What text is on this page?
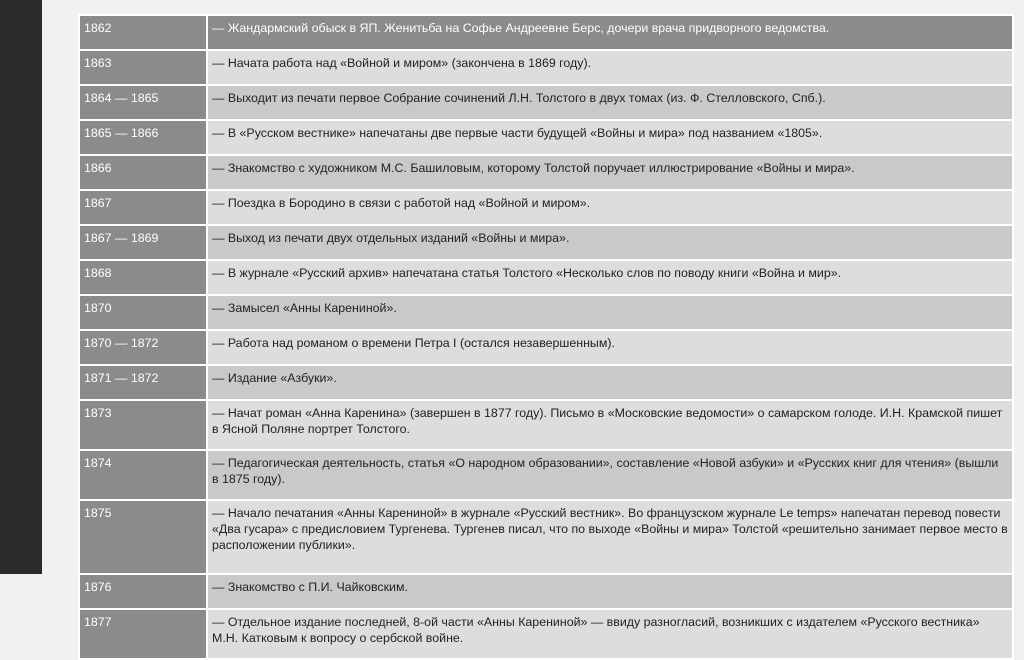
1862	— Жандармский обыск в ЯП. Женитьба на Софье Андреевне Берс, дочери врача придворного ведомства.
1863	— Начата работа над «Войной и миром» (закончена в 1869 году).
1864 — 1865	— Выходит из печати первое Собрание сочинений Л.Н. Толстого в двух томах (из. Ф. Стелловского, Спб.).
1865 — 1866	— В «Русском вестнике» напечатаны две первые части будущей «Войны и мира» под названием «1805».
1866	— Знакомство с художником М.С. Башиловым, которому Толстой поручает иллюстрирование «Войны и мира».
1867	— Поездка в Бородино в связи с работой над «Войной и миром».
1867 — 1869	— Выход из печати двух отдельных изданий «Войны и мира».
1868	— В журнале «Русский архив» напечатана статья Толстого «Несколько слов по поводу книги «Война и мир».
1870	— Замысел «Анны Карениной».
1870 — 1872	— Работа над романом о времени Петра I (остался незавершенным).
1871 — 1872	— Издание «Азбуки».
1873	— Начат роман «Анна Каренина» (завершен в 1877 году). Письмо в «Московские ведомости» о самарском голоде. И.Н. Крамской пишет в Ясной Поляне портрет Толстого.
1874	— Педагогическая деятельность, статья «О народном образовании», составление «Новой азбуки» и «Русских книг для чтения» (вышли в 1875 году).
1875	— Начало печатания «Анны Карениной» в журнале «Русский вестник». Во французском журнале Le temps» напечатан перевод повести «Два гусара» с предисловием Тургенева. Тургенев писал, что по выходе «Войны и мира» Толстой «решительно занимает первое место в расположении публики».
1876	— Знакомство с П.И. Чайковским.
1877	— Отдельное издание последней, 8-ой части «Анны Карениной» — ввиду разногласий, возникших с издателем «Русского вестника» М.Н. Катковым к вопросу о сербской войне.
